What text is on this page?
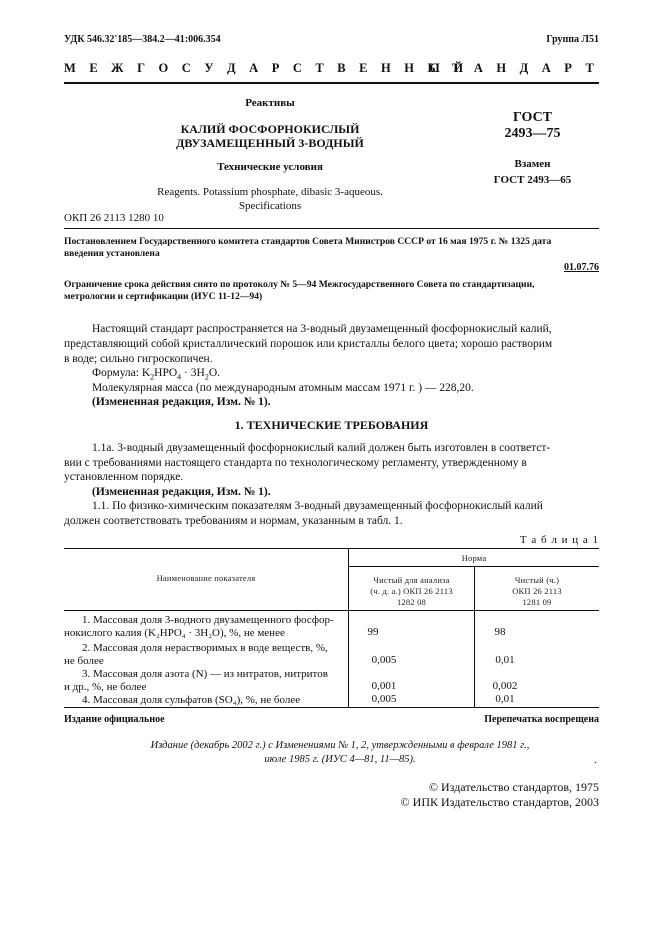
УДК 546.32'185—384.2—41:006.354	Группа Л51
М Е Ж Г О С У Д А Р С Т В Е Н Н Ы Й
С Т А Н Д А Р Т
Реактивы
КАЛИЙ ФОСФОРНОКИСЛЫЙ
ДВУЗАМЕЩЕННЫЙ 3-ВОДНЫЙ
Технические условия
Reagents. Potassium phosphate, dibasic 3-aqueous.
Specifications
ОКП 26 2113 1280 10
ГОСТ
2493—75
Взамен
ГОСТ 2493—65
Постановлением Государственного комитета стандартов Совета Министров СССР от 16 мая 1975 г. № 1325 дата
введения установлена
01.07.76
Ограничение срока действия снято по протоколу № 5—94 Межгосударственного Совета по стандартизации,
метрологии и сертификации (ИУС 11-12—94)
Настоящий стандарт распространяется на 3-водный двузамещенный фосфорнокислый калий,
представляющий собой кристаллический порошок или кристаллы белого цвета; хорошо растворим
в воде; сильно гигроскопичен.
Формула: $K_2HPO_4 \cdot 3H_2O$.
Молекулярная масса (по международным атомным массам 1971 г. ) — 228,20.
(Измененная редакция, Изм. № 1).
1. ТЕХНИЧЕСКИЕ ТРЕБОВАНИЯ
1.1а. 3-водный двузамещенный фосфорнокислый калий должен быть изготовлен в соответст-
вии с требованиями настоящего стандарта по технологическому регламенту, утвержденному в
установленном порядке.
(Измененная редакция, Изм. № 1).
1.1. По физико-химическим показателям 3-водный двузамещенный фосфорнокислый калий
должен соответствовать требованиям и нормам, указанным в табл. 1.
Т а б л и ц а 1
Наименование показателя
Норма
Чистый для анализа
(ч. д. а.) ОКП 26 2113
1282 08
Чистый (ч.)
ОКП 26 2113
1281 09
1. Массовая доля 3-водного двузамещенного фосфор-
нокислого калия (K₂HPO₄ · 3H₂O), %, не менее	99	98
2. Массовая доля нерастворимых в воде веществ, %,
не более	0,005	0,01
3. Массовая доля азота (N) — из нитратов, нитритов
и др., %, не более	0,001	0,002
4. Массовая доля сульфатов (SO₄), %, не более	0,005	0,01
Издание официальное	Перепечатка воспрещена
Издание (декабрь 2002 г.) с Изменениями № 1, 2, утвержденными в феврале 1981 г.,
июле 1985 г. (ИУС 4—81, 11—85).	.
© Издательство стандартов, 1975
© ИПК Издательство стандартов, 2003
